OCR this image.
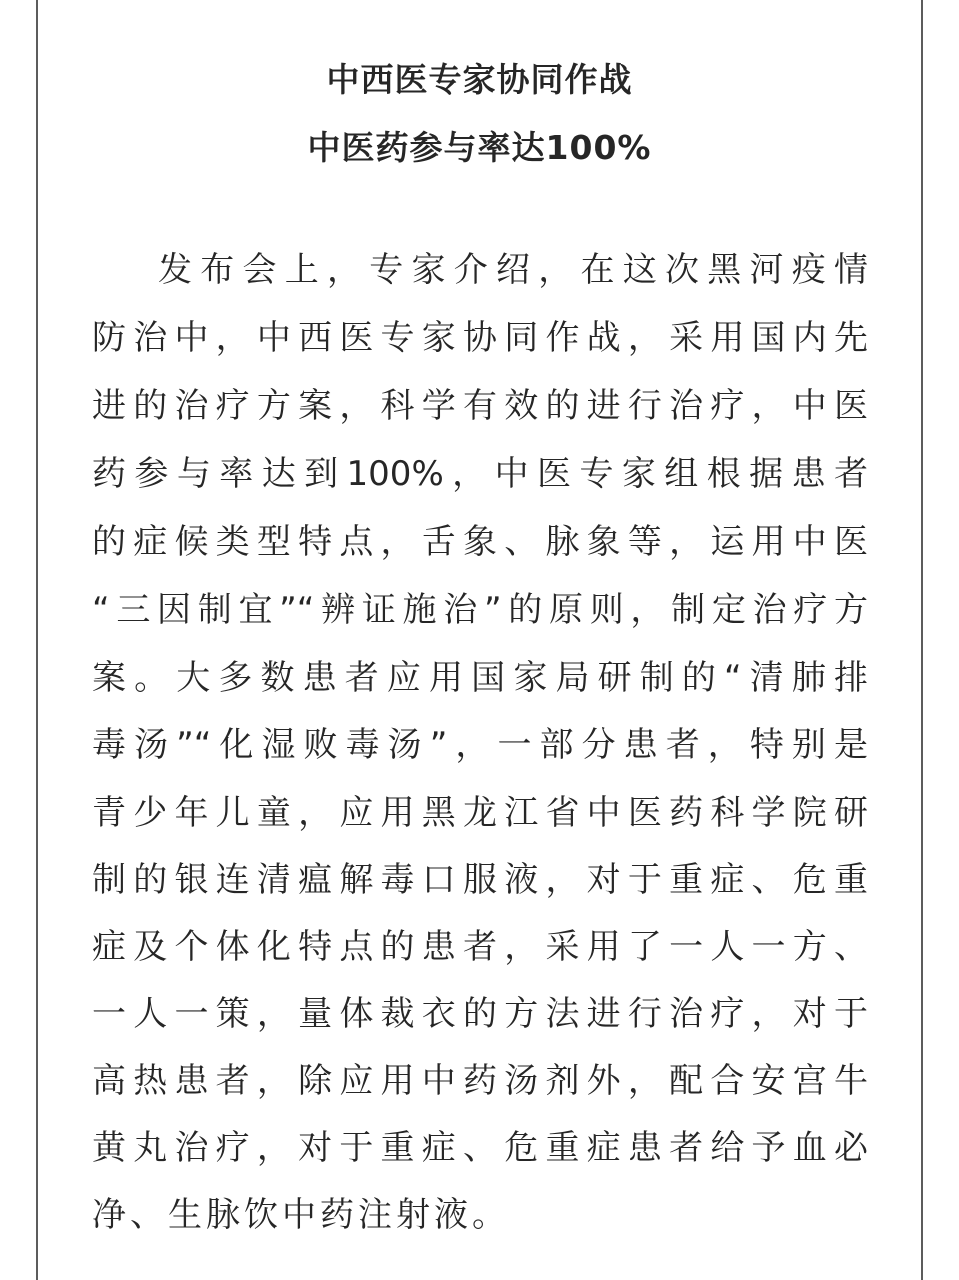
中西医专家协同作战
中医药参与率达100%
发布会上，专家介绍，在这次黑河疫情
防治中，中西医专家协同作战，采用国内先
进的治疗方案，科学有效的进行治疗，中医
药参与率达到100%，中医专家组根据患者
的症候类型特点，舌象、脉象等，运用中医
“三因制宜”“辨证施治”的原则，制定治疗方
案。大多数患者应用国家局研制的“清肺排
毒汤”“化湿败毒汤”，一部分患者，特别是
青少年儿童，应用黑龙江省中医药科学院研
制的银连清瘟解毒口服液，对于重症、危重
症及个体化特点的患者，采用了一人一方、
一人一策，量体裁衣的方法进行治疗，对于
高热患者，除应用中药汤剂外，配合安宫牛
黄丸治疗，对于重症、危重症患者给予血必
净、生脉饮中药注射液。
